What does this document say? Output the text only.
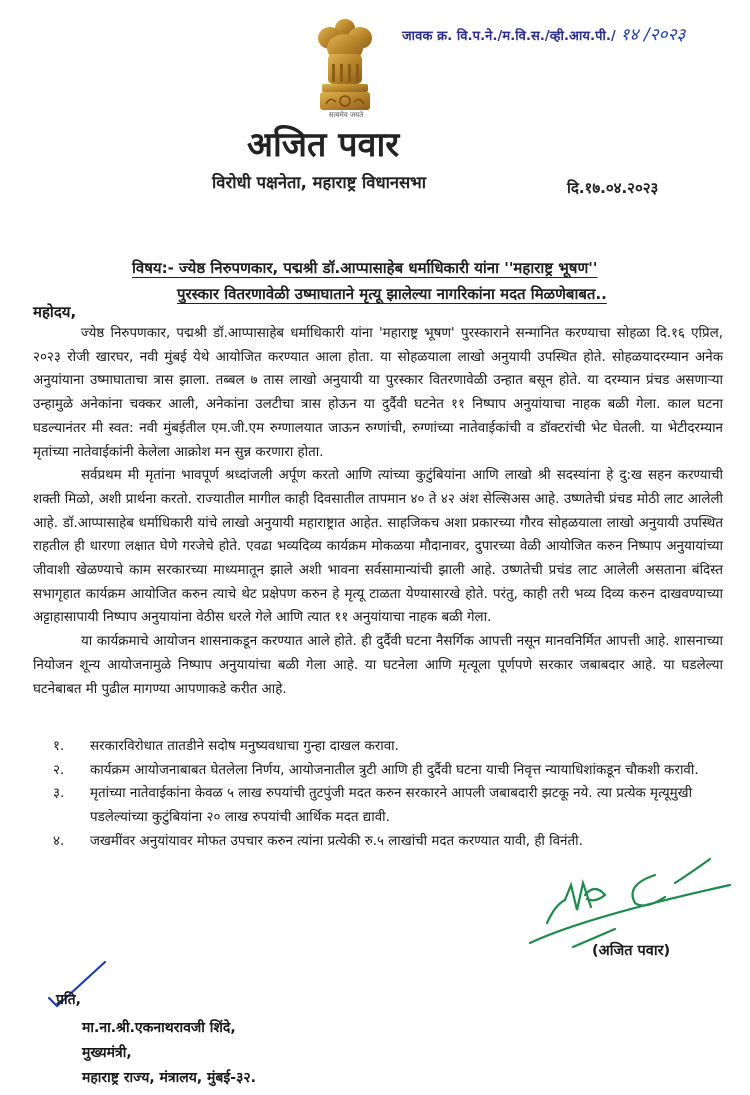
सत्यमेव जयते
जावक क्र. वि.प.ने./म.वि.स./व्ही.आय.पी./ १४ /२०२३
अजित पवार
विरोधी पक्षनेता, महाराष्ट्र विधानसभा	दि.१७.०४.२०२३
विषय:- ज्येष्ठ निरुपणकार, पद्मश्री डॉ.आप्पासाहेब धर्माधिकारी यांना ''महाराष्ट्र भूषण''
पुरस्कार वितरणावेळी उष्माघाताने मृत्यू झालेल्या नागरिकांना मदत मिळणेबाबत..
महोदय,

ज्येष्ठ निरुपणकार, पद्मश्री डॉ.आप्पासाहेब धर्माधिकारी यांना 'महाराष्ट्र भूषण' पुरस्काराने सन्मानित करण्याचा सोहळा दि.१६ एप्रिल, २०२३ रोजी खारघर, नवी मुंबई येथे आयोजित करण्यात आला होता. या सोहळयाला लाखो अनुयायी उपस्थित होते. सोहळयादरम्यान अनेक अनुयांयाना उष्माघाताचा त्रास झाला. तब्बल ७ तास लाखो अनुयायी या पुरस्कार वितरणावेळी उन्हात बसून होते. या दरम्यान प्रंचड असणाऱ्या उन्हामुळे अनेकांना चक्कर आली, अनेकांना उलटीचा त्रास होऊन या दुर्दैवी घटनेत ११ निष्पाप अनुयांयाचा नाहक बळी गेला. काल घटना घडल्यानंतर मी स्वत: नवी मुंबईतील एम.जी.एम रुग्णालयात जाऊन रुग्णांची, रुग्णांच्या नातेवाईकांची व डॉक्टरांची भेट घेतली. या भेटीदरम्यान मृतांच्या नातेवाईकांनी केलेला आक्रोश मन सुन्न करणारा होता.

सर्वप्रथम मी मृतांना भावपूर्ण श्रध्दांजली अर्पूण करतो आणि त्यांच्या कुटुंबियांना आणि लाखो श्री सदस्यांना हे दु:ख सहन करण्याची शक्ती मिळो, अशी प्रार्थना करतो. राज्यातील मागील काही दिवसातील तापमान ४० ते ४२ अंश सेल्सिअस आहे. उष्णतेची प्रंचड मोठी लाट आलेली आहे. डॉ.आप्पासाहेब धर्माधिकारी यांचे लाखो अनुयायी महाराष्ट्रात आहेत. साहजिकच अशा प्रकारच्या गौरव सोहळयाला लाखो अनुयायी उपस्थित राहतील ही धारणा लक्षात घेणे गरजेचे होते. एवढा भव्यदिव्य कार्यक्रम मोकळया मौदानावर, दुपारच्या वेळी आयोजित करुन निष्पाप अनुयायांच्या जीवाशी खेळण्याचे काम सरकारच्या माध्यमातून झाले अशी भावना सर्वसामान्यांची झाली आहे. उष्णतेची प्रचंड लाट आलेली असताना बंदिस्त सभागृहात कार्यक्रम आयोजित करुन त्याचे थेट प्रक्षेपण करुन हे मृत्यू टाळता येण्यासारखे होते. परंतु, काही तरी भव्य दिव्य करुन दाखवण्याच्या अट्टाहासापायी निष्पाप अनुयायांना वेठीस धरले गेले आणि त्यात ११ अनुयांयाचा नाहक बळी गेला.

या कार्यक्रमाचे आयोजन शासनाकडून करण्यात आले होते. ही दुर्दैवी घटना नैसर्गिक आपत्ती नसून मानवनिर्मित आपत्ती आहे. शासनाच्या नियोजन शून्य आयोजनामुळे निष्पाप अनुयायांचा बळी गेला आहे. या घटनेला आणि मृत्यूला पूर्णपणे सरकार जबाबदार आहे. या घडलेल्या घटनेबाबत मी पुढील मागण्या आपणाकडे करीत आहे.

१.	सरकारविरोधात तातडीने सदोष मनुष्यवधाचा गुन्हा दाखल करावा.
२.	कार्यक्रम आयोजनाबाबत घेतलेला निर्णय, आयोजनातील त्रुटी आणि ही दुर्दैवी घटना याची निवृत्त न्यायाधिशांकडून चौकशी करावी.
३.	मृतांच्या नातेवाईकांना केवळ ५ लाख रुपयांची तुटपुंजी मदत करुन सरकारने आपली जबाबदारी झटकू नये. त्या प्रत्येक मृत्यूमुखी पडलेल्यांच्या कुटुंबियांना २० लाख रुपयांची आर्थिक मदत द्यावी.
४.	जखमींवर अनुयांयावर मोफत उपचार करुन त्यांना प्रत्येकी रु.५ लाखांची मदत करण्यात यावी, ही विनंती.
(अजित पवार)
प्रति,
मा.ना.श्री.एकनाथरावजी शिंदे,
मुख्यमंत्री,
महाराष्ट्र राज्य, मंत्रालय, मुंबई-३२.
